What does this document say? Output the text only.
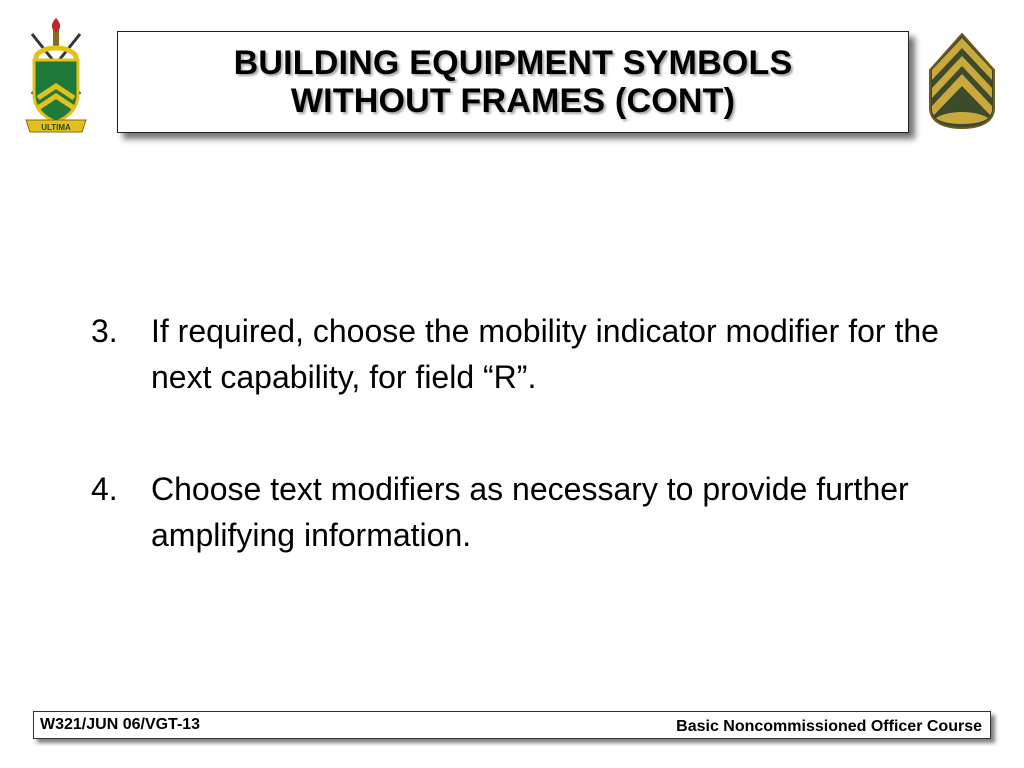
ULTIMA
BUILDING EQUIPMENT SYMBOLS
WITHOUT FRAMES (CONT)
3. If required, choose the mobility indicator modifier for the next capability, for field “R”.
4. Choose text modifiers as necessary to provide further amplifying information.
W321/JUN 06/VGT-13	Basic Noncommissioned Officer Course
